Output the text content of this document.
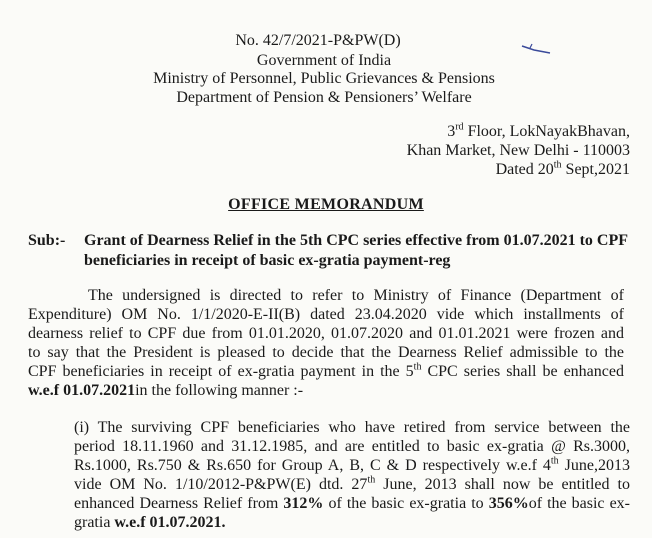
No. 42/7/2021-P&PW(D)
Government of India
Ministry of Personnel, Public Grievances & Pensions
Department of Pension & Pensioners’ Welfare
3rd Floor, LokNayakBhavan,
Khan Market, New Delhi - 110003
Dated 20th Sept,2021
OFFICE MEMORANDUM
Sub:- Grant of Dearness Relief in the 5th CPC series effective from 01.07.2021 to CPF
beneficiaries in receipt of basic ex-gratia payment-reg
The undersigned is directed to refer to Ministry of Finance (Department of
Expenditure) OM No. 1/1/2020-E-II(B) dated 23.04.2020 vide which installments of
dearness relief to CPF due from 01.01.2020, 01.07.2020 and 01.01.2021 were frozen and
to say that the President is pleased to decide that the Dearness Relief admissible to the
CPF beneficiaries in receipt of ex-gratia payment in the 5th CPC series shall be enhanced
w.e.f 01.07.2021in the following manner :-
(i) The surviving CPF beneficiaries who have retired from service between the
period 18.11.1960 and 31.12.1985, and are entitled to basic ex-gratia @ Rs.3000,
Rs.1000, Rs.750 & Rs.650 for Group A, B, C & D respectively w.e.f 4th June,2013
vide OM No. 1/10/2012-P&PW(E) dtd. 27th June, 2013 shall now be entitled to
enhanced Dearness Relief from 312% of the basic ex-gratia to 356%of the basic ex-
gratia w.e.f 01.07.2021.
